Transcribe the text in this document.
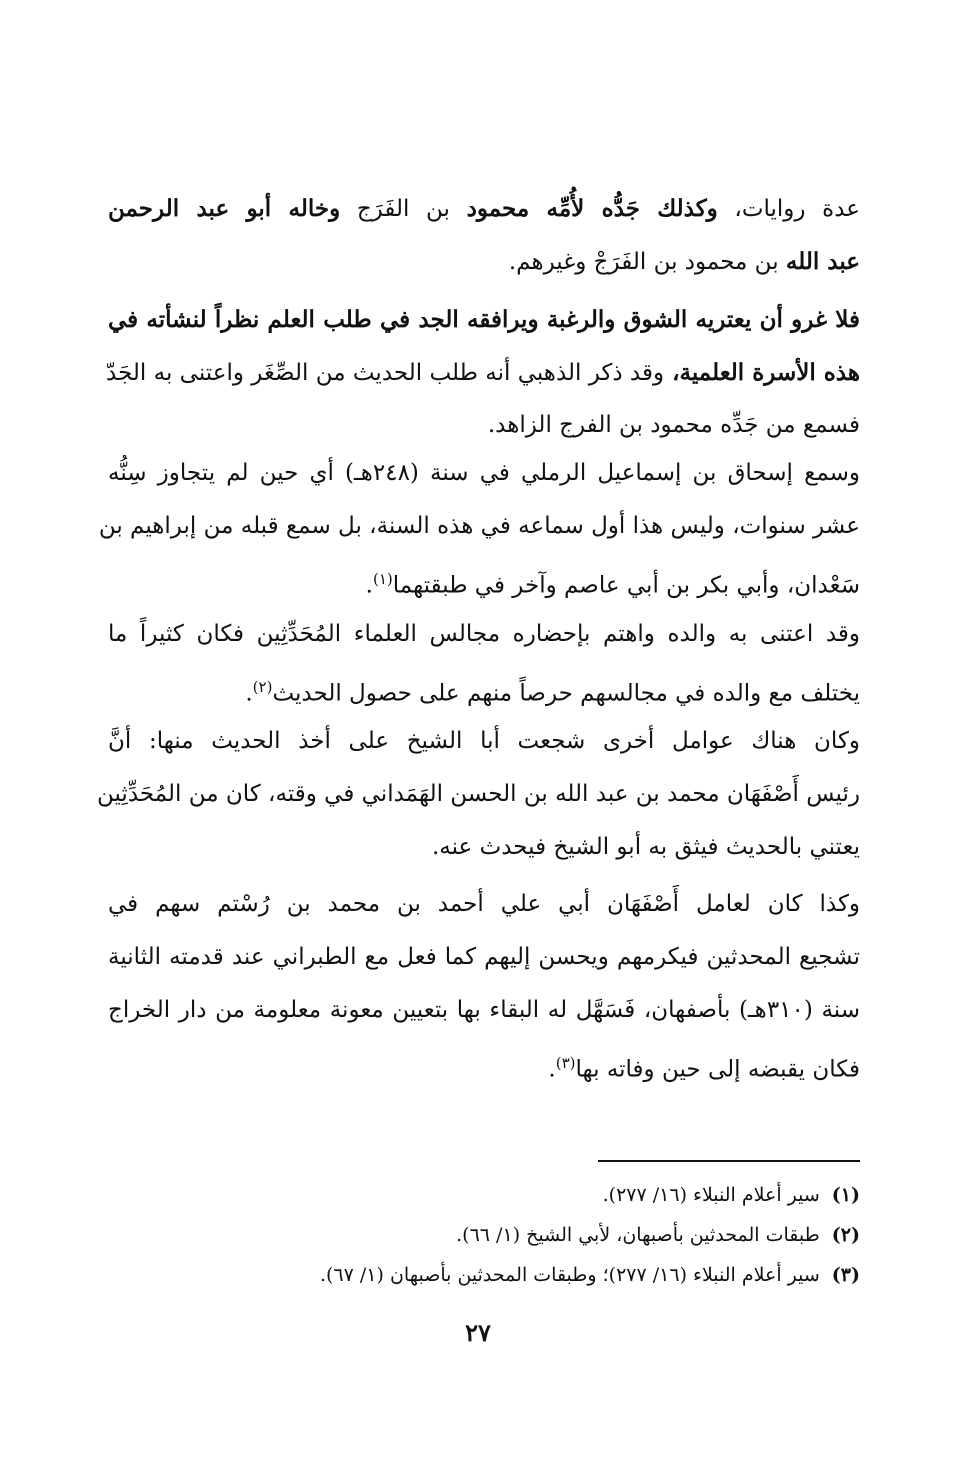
عدة روايات، وكذلك جَدُّه لأُمِّه محمود بن الفَرَج وخاله أبو عبد الرحمن
عبد الله بن محمود بن الفَرَجْ وغيرهم.
فلا غرو أن يعتريه الشوق والرغبة ويرافقه الجد في طلب العلم نظراً لنشأته في
هذه الأسرة العلمية، وقد ذكر الذهبي أنه طلب الحديث من الصِّغَر واعتنى به الجَدّ
فسمع من جَدِّه محمود بن الفرج الزاهد.
وسمع إسحاق بن إسماعيل الرملي في سنة (٢٤٨هـ) أي حين لم يتجاوز سِنُّه
عشر سنوات، وليس هذا أول سماعه في هذه السنة، بل سمع قبله من إبراهيم بن
سَعْدان، وأبي بكر بن أبي عاصم وآخر في طبقتهما$^{(١)}$.
وقد اعتنى به والده واهتم بإحضاره مجالس العلماء المُحَدِّثِين فكان كثيراً ما
يختلف مع والده في مجالسهم حرصاً منهم على حصول الحديث$^{(٢)}$.
وكان هناك عوامل أخرى شجعت أبا الشيخ على أخذ الحديث منها: أنَّ
رئيس أَصْفَهَان محمد بن عبد الله بن الحسن الهَمَداني في وقته، كان من المُحَدِّثِين
يعتني بالحديث فيثق به أبو الشيخ فيحدث عنه.
وكذا كان لعامل أَصْفَهَان أبي علي أحمد بن محمد بن رُسْتم سهم في
تشجيع المحدثين فيكرمهم ويحسن إليهم كما فعل مع الطبراني عند قدمته الثانية
سنة (٣١٠هـ) بأصفهان، فَسَهَّل له البقاء بها بتعيين معونة معلومة من دار الخراج
فكان يقبضه إلى حين وفاته بها$^{(٣)}$.
(١)سير أعلام النبلاء (١٦/ ٢٧٧).
(٢)طبقات المحدثين بأصبهان، لأبي الشيخ (١/ ٦٦).
(٣)سير أعلام النبلاء (١٦/ ٢٧٧)؛ وطبقات المحدثين بأصبهان (١/ ٦٧).
٢٧
